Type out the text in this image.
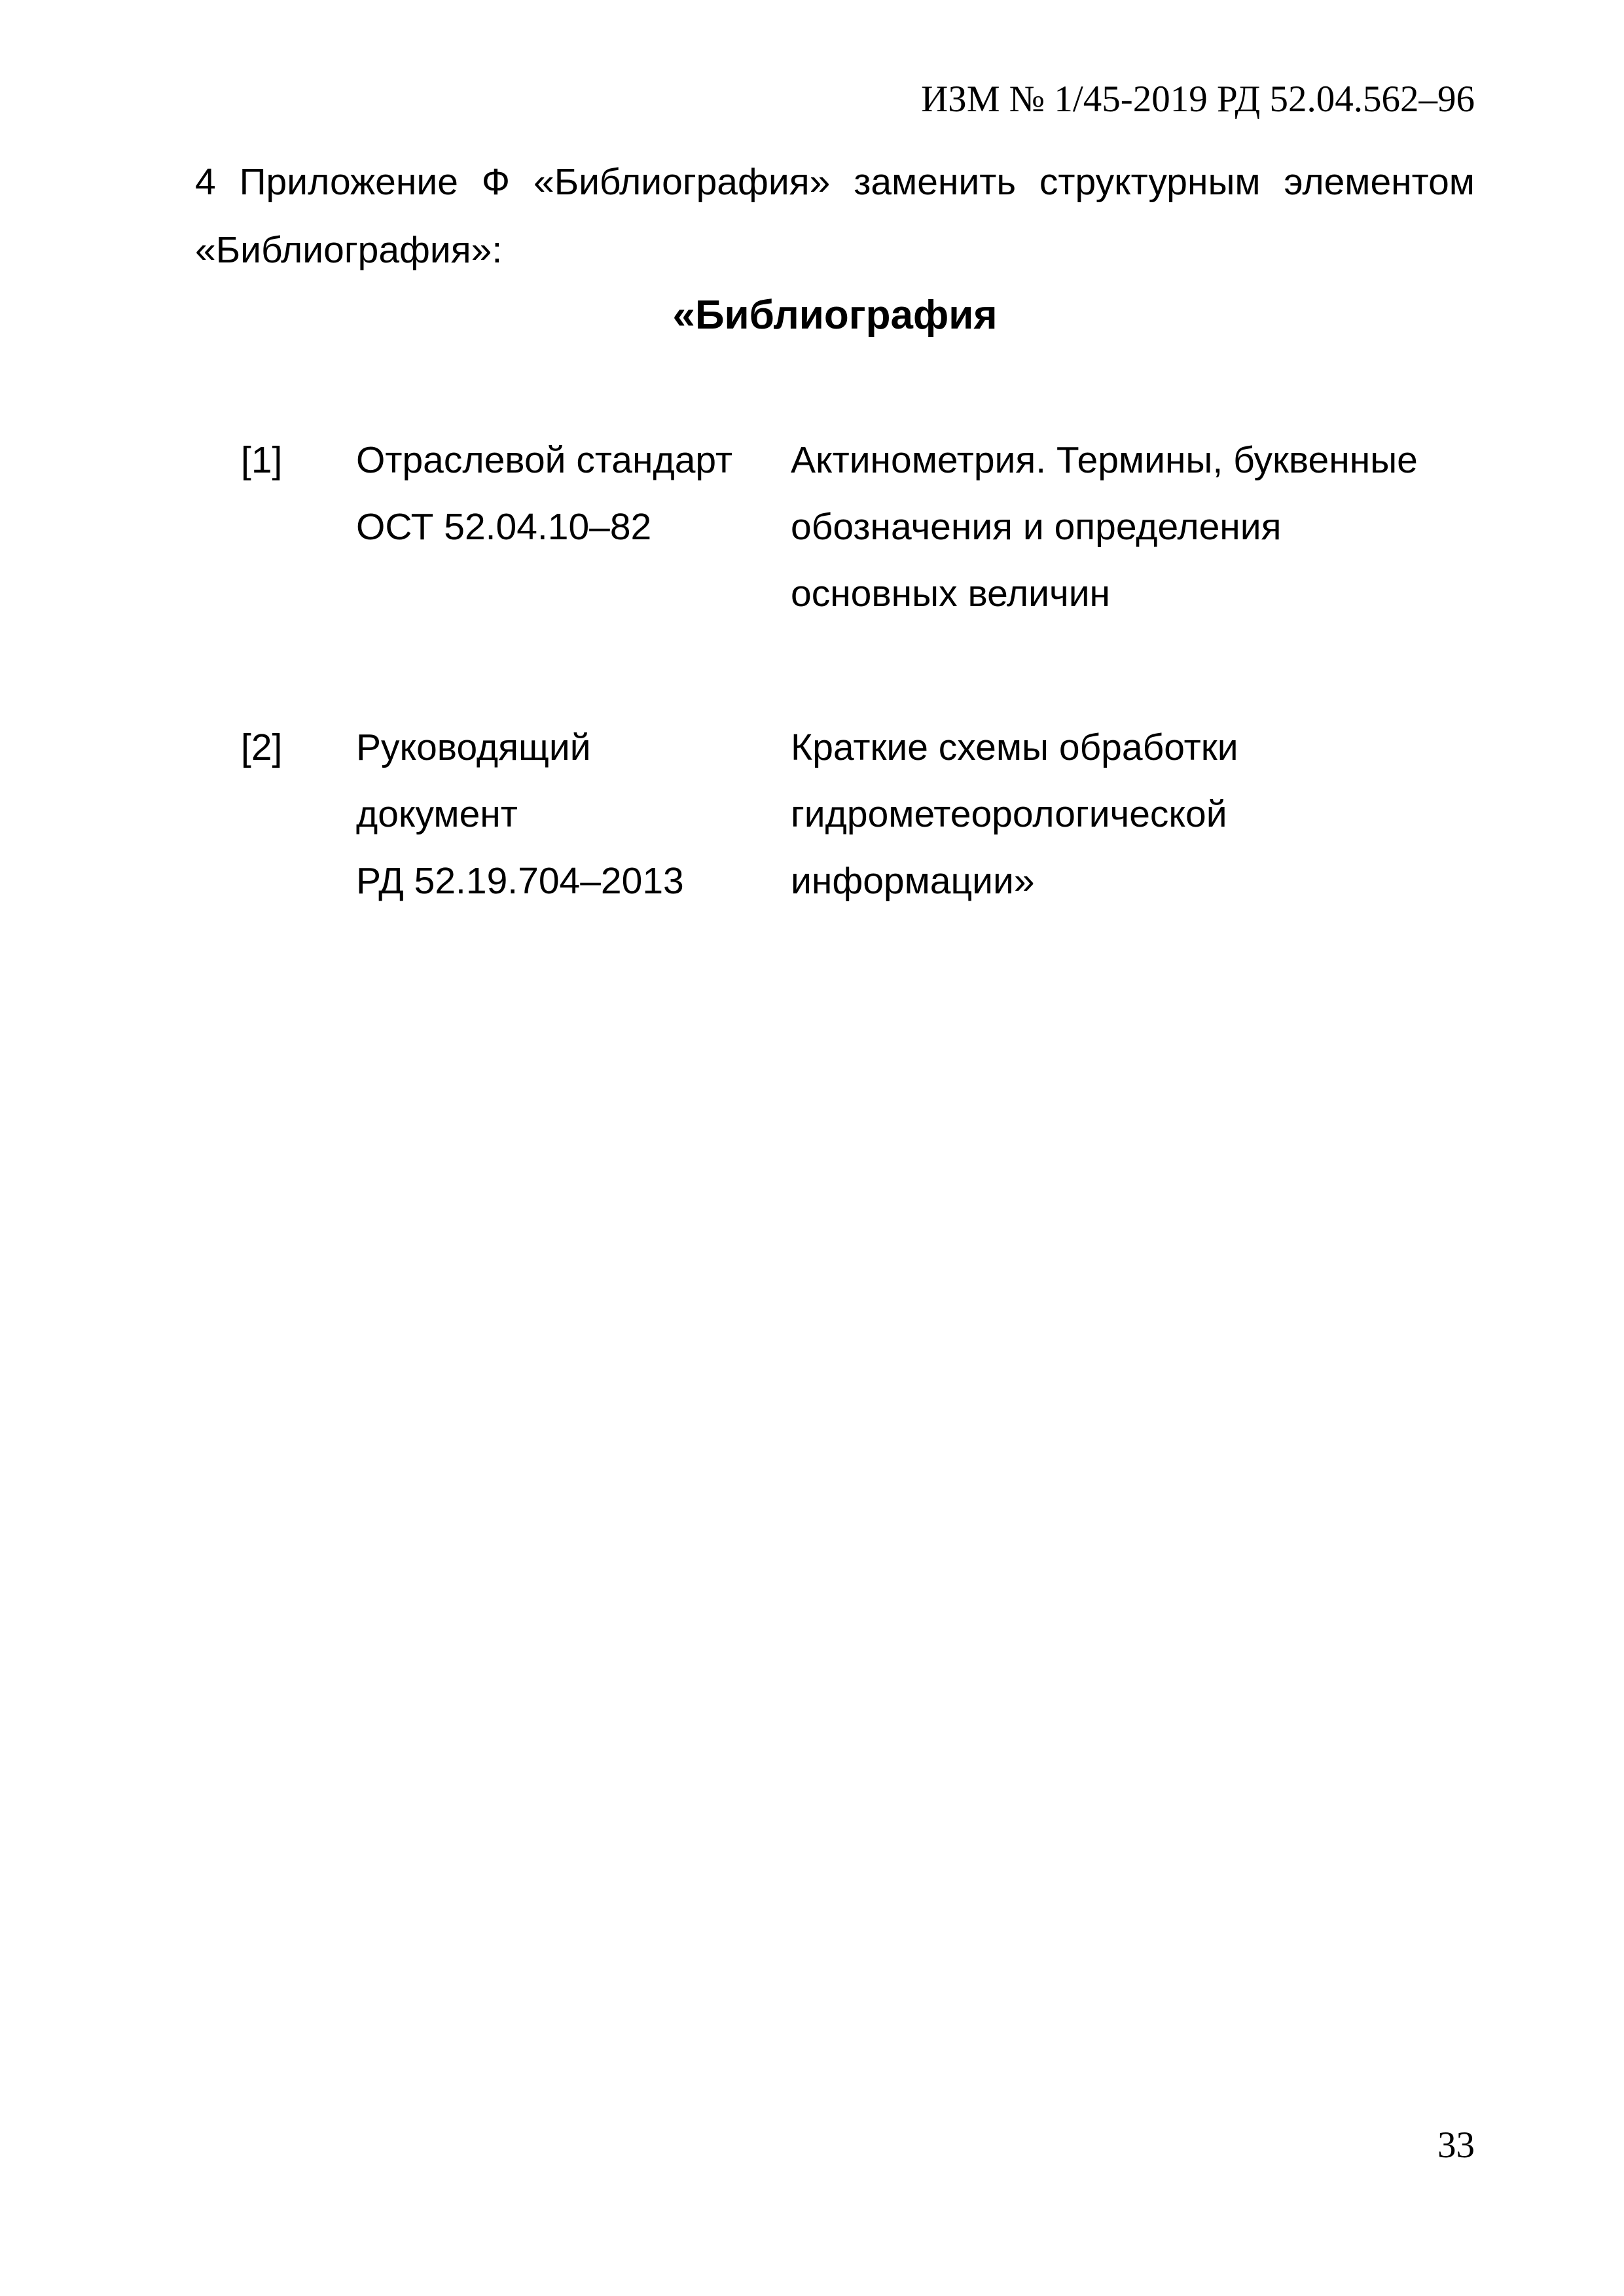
ИЗМ № 1/45-2019 РД 52.04.562–96
4 Приложение Ф «Библиография» заменить структурным элементом «Библиография»:
«Библиография
[1] Отраслевой стандарт
ОСТ 52.04.10–82
Актинометрия. Термины, буквенные
обозначения и определения
основных величин
[2] Руководящий
документ
РД 52.19.704–2013
Краткие схемы обработки
гидрометеорологической
информации»
33
